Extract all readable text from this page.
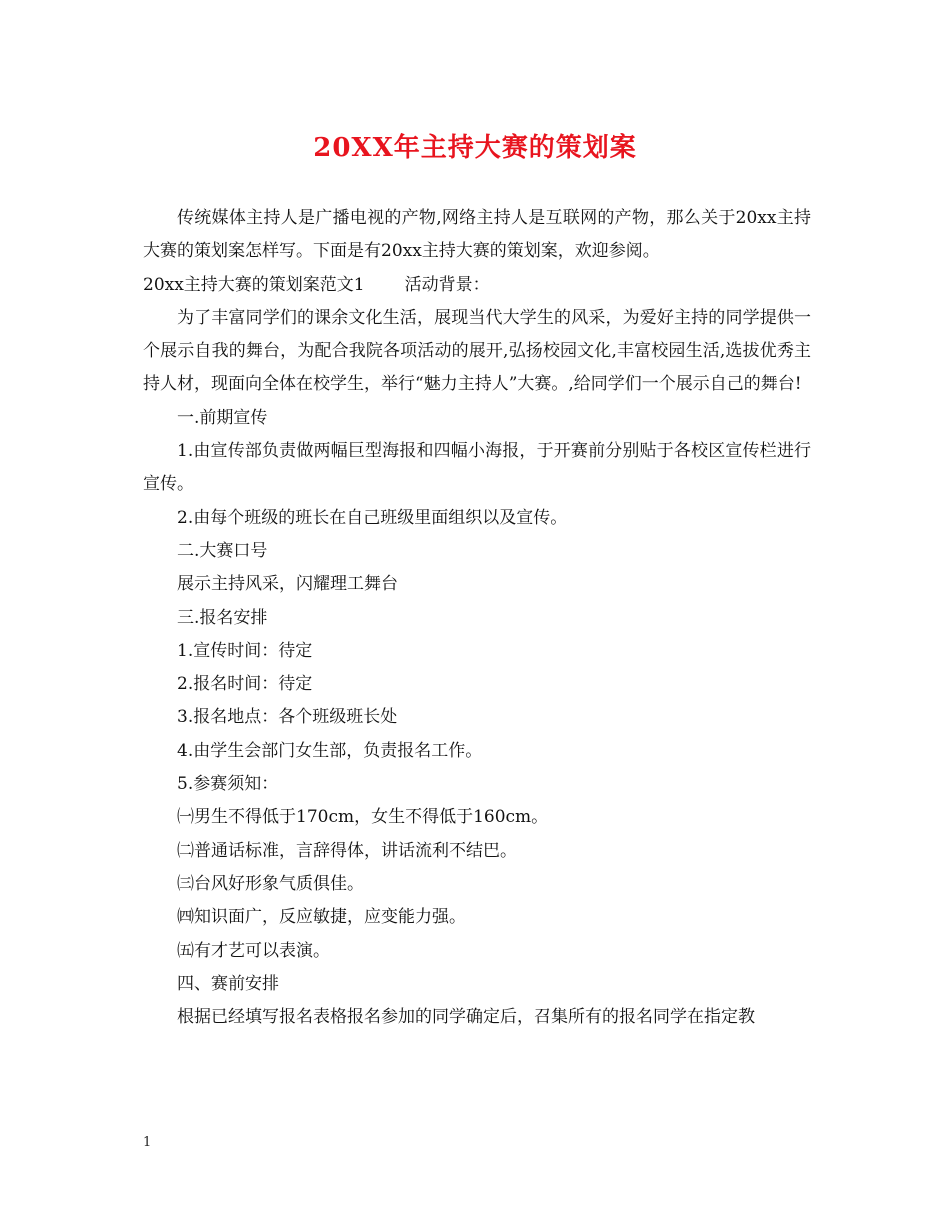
20XX年主持大赛的策划案

传统媒体主持人是广播电视的产物,网络主持人是互联网的产物，那么关于20xx主持大赛的策划案怎样写。下面是有20xx主持大赛的策划案，欢迎参阅。

20xx主持大赛的策划案范文1 活动背景：

为了丰富同学们的课余文化生活，展现当代大学生的风采，为爱好主持的同学提供一个展示自我的舞台，为配合我院各项活动的展开,弘扬校园文化,丰富校园生活,选拔优秀主持人材，现面向全体在校学生，举行“魅力主持人”大赛。,给同学们一个展示自己的舞台!

一.前期宣传

1.由宣传部负责做两幅巨型海报和四幅小海报，于开赛前分别贴于各校区宣传栏进行宣传。

2.由每个班级的班长在自己班级里面组织以及宣传。

二.大赛口号

展示主持风采，闪耀理工舞台

三.报名安排

1.宣传时间：待定

2.报名时间：待定

3.报名地点：各个班级班长处

4.由学生会部门女生部，负责报名工作。

5.参赛须知：

㈠男生不得低于170cm，女生不得低于160cm。

㈡普通话标准，言辞得体，讲话流利不结巴。

㈢台风好形象气质俱佳。

㈣知识面广，反应敏捷，应变能力强。

㈤有才艺可以表演。

四、赛前安排

根据已经填写报名表格报名参加的同学确定后，召集所有的报名同学在指定教

1
